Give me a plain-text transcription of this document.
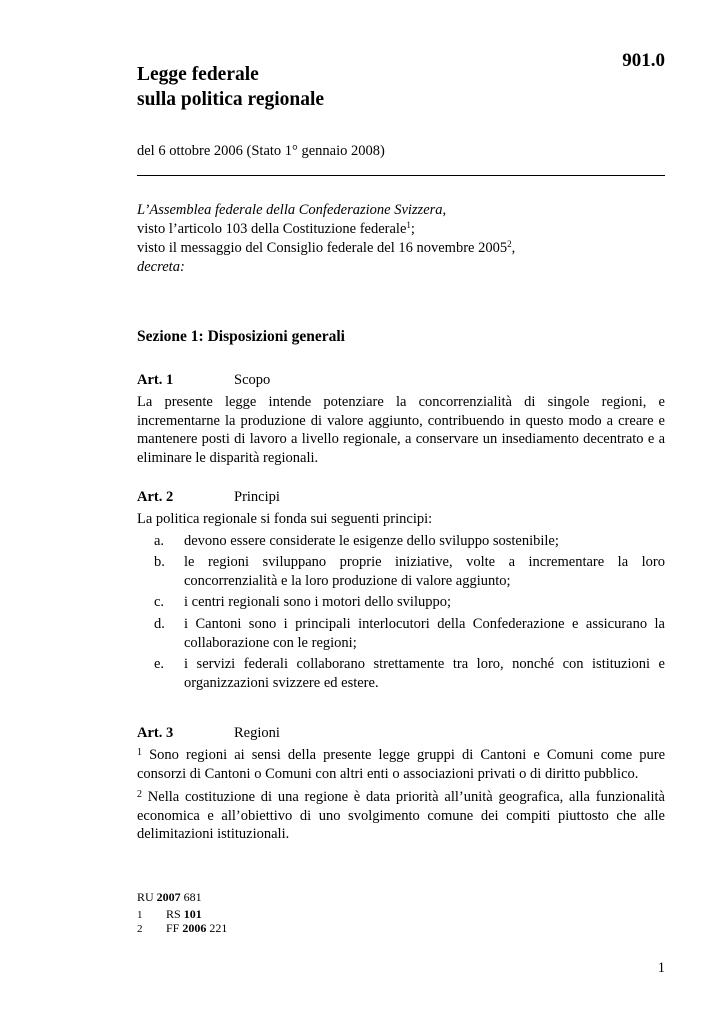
901.0
Legge federale
sulla politica regionale
del 6 ottobre 2006 (Stato 1° gennaio 2008)
L’Assemblea federale della Confederazione Svizzera,
visto l’articolo 103 della Costituzione federale$^1$;
visto il messaggio del Consiglio federale del 16 novembre 2005$^2$,
decreta:
Sezione 1: Disposizioni generali
Art. 1	Scopo

La presente legge intende potenziare la concorrenzialità di singole regioni, e incrementarne la produzione di valore aggiunto, contribuendo in questo modo a creare e mantenere posti di lavoro a livello regionale, a conservare un insediamento decentrato e a eliminare le disparità regionali.

Art. 2	Principi

La politica regionale si fonda sui seguenti principi:

a.	devono essere considerate le esigenze dello sviluppo sostenibile;
b.	le regioni sviluppano proprie iniziative, volte a incrementare la loro concorrenzialità e la loro produzione di valore aggiunto;
c.	i centri regionali sono i motori dello sviluppo;
d.	i Cantoni sono i principali interlocutori della Confederazione e assicurano la collaborazione con le regioni;
e.	i servizi federali collaborano strettamente tra loro, nonché con istituzioni e organizzazioni svizzere ed estere.
Art. 3	Regioni

$^1$ Sono regioni ai sensi della presente legge gruppi di Cantoni e Comuni come pure consorzi di Cantoni o Comuni con altri enti o associazioni privati o di diritto pubblico.

$^2$ Nella costituzione di una regione è data priorità all’unità geografica, alla funzionalità economica e all’obiettivo di uno svolgimento comune dei compiti piuttosto che alle delimitazioni istituzionali.

RU 2007 681
1 RS 101
2 FF 2006 221
1
